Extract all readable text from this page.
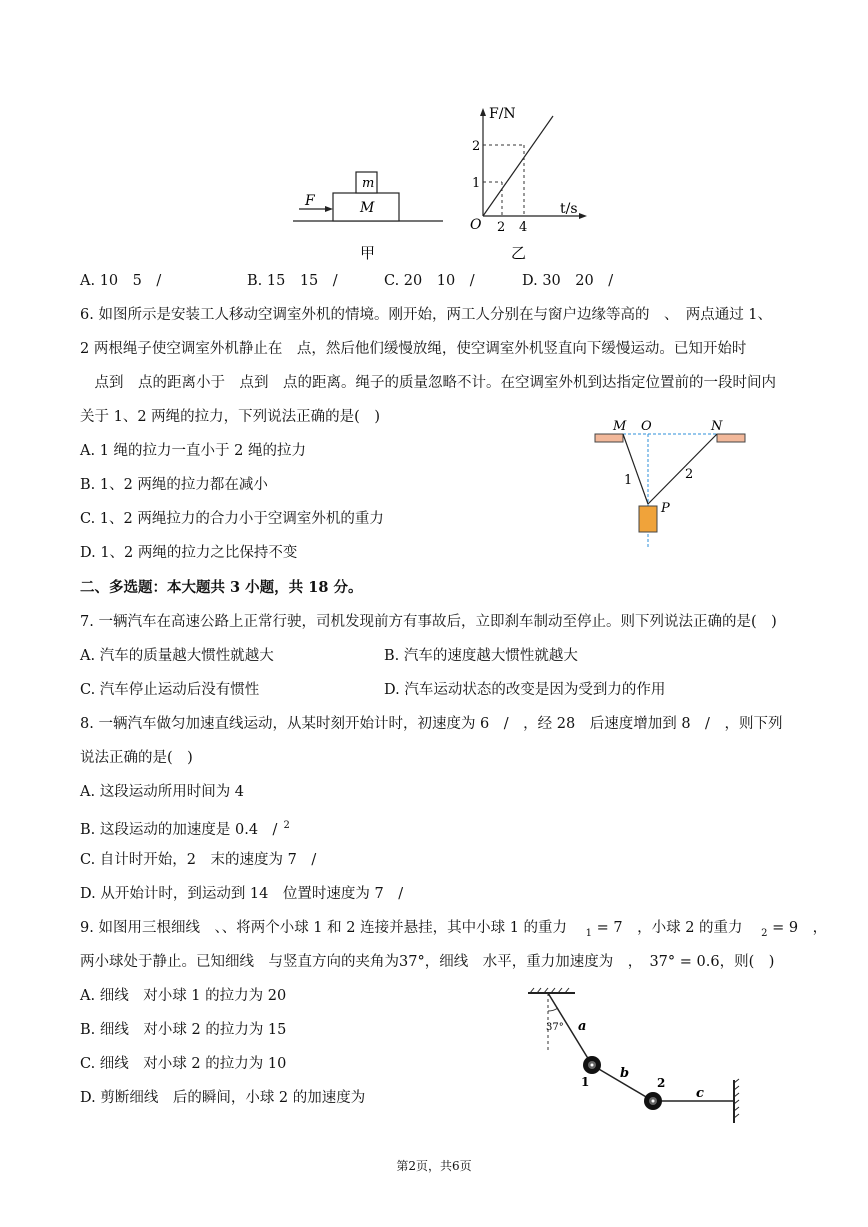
F	M
m
甲
F/N
t/s
O
1
2
2 4
乙
A. 10　5　/	B. 15　15　/	C. 20　10　/	D. 30　20　/
6. 如图所示是安装工人移动空调室外机的情境。刚开始，两工人分别在与窗户边缘等高的　、　两点通过 1、
2 两根绳子使空调室外机静止在　点，然后他们缓慢放绳，使空调室外机竖直向下缓慢运动。已知开始时
　点到　点的距离小于　点到　点的距离。绳子的质量忽略不计。在空调室外机到达指定位置前的一段时间内
关于 1、2 两绳的拉力，下列说法正确的是(　)
A. 1 绳的拉力一直小于 2 绳的拉力
B. 1、2 两绳的拉力都在减小
C. 1、2 两绳拉力的合力小于空调室外机的重力
D. 1、2 两绳的拉力之比保持不变
M O	N
P
1	2
二、多选题：本大题共 3 小题，共 18 分。
7. 一辆汽车在高速公路上正常行驶，司机发现前方有事故后，立即刹车制动至停止。则下列说法正确的是(　)
A. 汽车的质量越大惯性就越大	B. 汽车的速度越大惯性就越大
C. 汽车停止运动后没有惯性	D. 汽车运动状态的改变是因为受到力的作用
8. 一辆汽车做匀加速直线运动，从某时刻开始计时，初速度为 6　/　，经 28　后速度增加到 8　/　，则下列
说法正确的是(　)
A. 这段运动所用时间为 4
B. 这段运动的加速度是 0.4　/ $^2$
C. 自计时开始，2　末的速度为 7　/
D. 从开始计时，到运动到 14　位置时速度为 7　/
9. 如图用三根细线　、、将两个小球 1 和 2 连接并悬挂，其中小球 1 的重力 $_1$ = 7　，小球 2 的重力 $_2$ = 9　，
两小球处于静止。已知细线　与竖直方向的夹角为37°，细线　水平，重力加速度为　，　37° = 0.6，则(　)
A. 细线　对小球 1 的拉力为 20
B. 细线　对小球 2 的拉力为 15
C. 细线　对小球 2 的拉力为 10
D. 剪断细线　后的瞬间，小球 2 的加速度为
37° a
b
c
1	2
第2页，共6页
